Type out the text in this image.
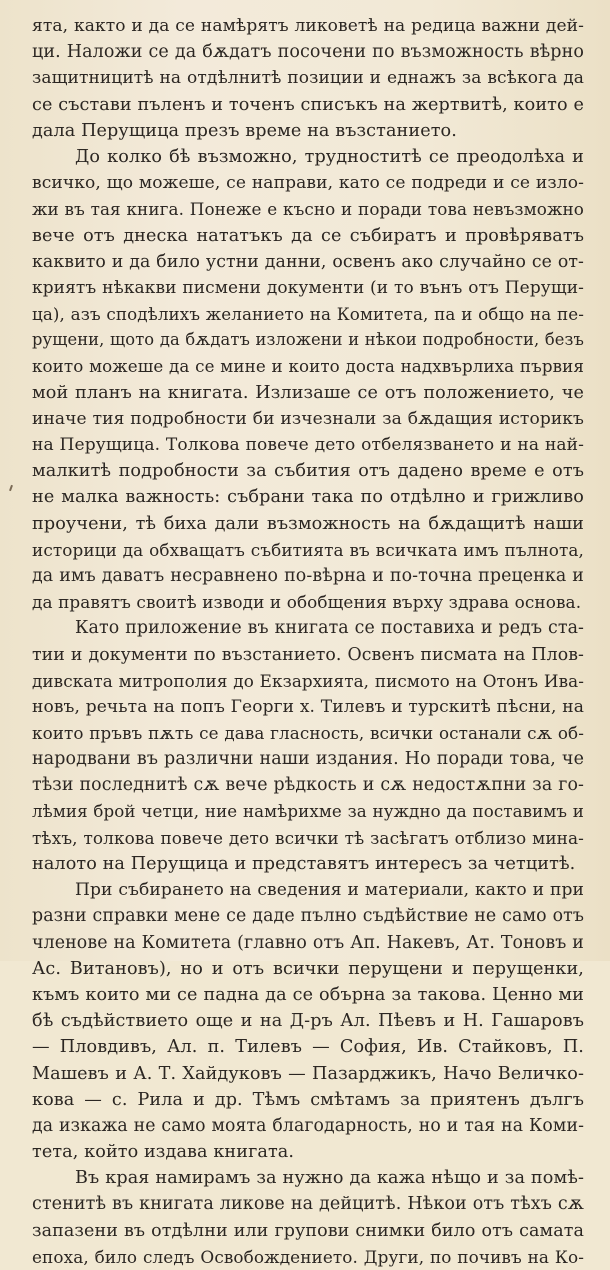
ята, както и да се намѣрятъ ликоветѣ на редица важни дей-
ци. Наложи се да бѫдатъ посочени по възможность вѣрно
защитницитѣ на отдѣлнитѣ позиции и еднажъ за всѣкога да
се състави пъленъ и точенъ списъкъ на жертвитѣ, които е
дала Перущица презъ време на възстанието.
До колко бѣ възможно, трудноститѣ се преодолѣха и
всичко, що можеше, се направи, като се подреди и се изло-
жи въ тая книга. Понеже е късно и поради това невъзможно
вече отъ днеска нататъкъ да се събиратъ и провѣряватъ
каквито и да било устни данни, освенъ ако случайно се от-
криятъ нѣкакви писмени документи (и то вънъ отъ Перущи-
ца), азъ сподѣлихъ желанието на Комитета, па и общо на пе-
рущени, щото да бѫдатъ изложени и нѣкои подробности, безъ
които можеше да се мине и които доста надхвърлиха първия
мой планъ на книгата. Излизаше се отъ положението, че
иначе тия подробности би изчезнали за бѫдащия историкъ
на Перущица. Толкова повече дето отбелязването и на най-
малкитѣ подробности за събития отъ дадено време е отъ
не малка важность: събрани така по отдѣлно и грижливо
проучени, тѣ биха дали възможность на бѫдащитѣ наши
историци да обхващатъ събитията въ всичката имъ пълнота,
да имъ даватъ несравнено по-вѣрна и по-точна преценка и
да правятъ своитѣ изводи и обобщения върху здрава основа.
Като приложение въ книгата се поставиха и редъ ста-
тии и документи по възстанието. Освенъ писмата на Плов-
дивската митрополия до Екзархията, писмото на Отонъ Ива-
новъ, речьта на попъ Георги х. Тилевъ и турскитѣ пѣсни, на
които пръвъ пѫть се дава гласность, всички останали сѫ об-
народвани въ различни наши издания. Но поради това, че
тѣзи последнитѣ сѫ вече рѣдкость и сѫ недостѫпни за го-
лѣмия брой четци, ние намѣрихме за нуждно да поставимъ и
тѣхъ, толкова повече дето всички тѣ засѣгатъ отблизо мина-
налото на Перущица и представятъ интересъ за четцитѣ.
При събирането на сведения и материали, както и при
разни справки мене се даде пълно съдѣйствие не само отъ
членове на Комитета (главно отъ Ап. Накевъ, Ат. Тоновъ и
Ас. Витановъ), но и отъ всички перущени и перущенки,
къмъ които ми се падна да се обърна за такова. Ценно ми
бѣ съдѣйствието още и на Д-ръ Ал. Пѣевъ и Н. Гашаровъ
— Пловдивъ, Ал. п. Тилевъ — София, Ив. Стайковъ, П.
Машевъ и А. Т. Хайдуковъ — Пазарджикъ, Начо Величко-
кова — с. Рила и др. Тѣмъ смѣтамъ за приятенъ дългъ
да изкажа не само моята благодарность, но и тая на Коми-
тета, който издава книгата.
Въ края намирамъ за нужно да кажа нѣщо и за помѣ-
стенитѣ въ книгата ликове на дейцитѣ. Нѣкои отъ тѣхъ сѫ
запазени въ отдѣлни или групови снимки било отъ самата
епоха, било следъ Освобождението. Други, по почивъ на Ко-
